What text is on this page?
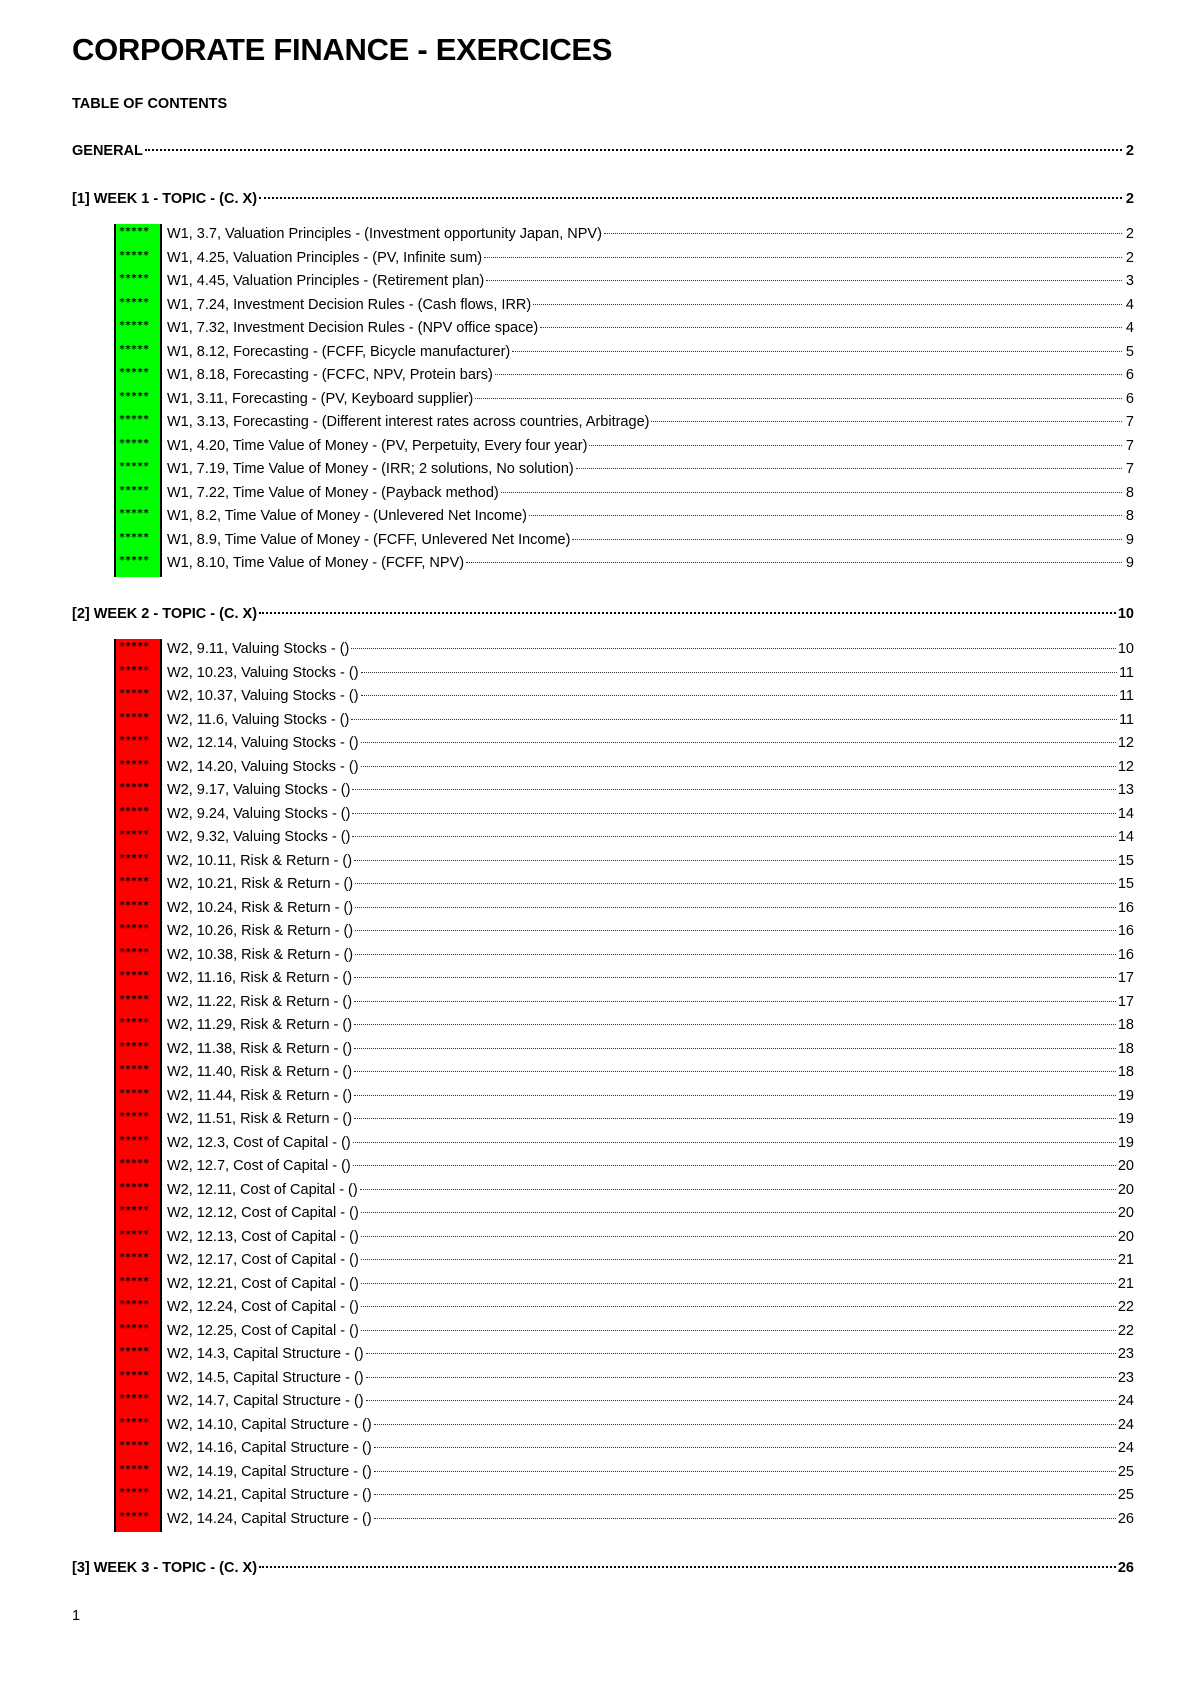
CORPORATE FINANCE - EXERCICES
TABLE OF CONTENTS
GENERAL	2
[1] WEEK 1 - TOPIC - (C. X)	2
*****	W1, 3.7, Valuation Principles - (Investment opportunity Japan, NPV)	2
*****	W1, 4.25, Valuation Principles - (PV, Infinite sum)	2
*****	W1, 4.45, Valuation Principles - (Retirement plan)	3
*****	W1, 7.24, Investment Decision Rules - (Cash flows, IRR)	4
*****	W1, 7.32, Investment Decision Rules - (NPV office space)	4
*****	W1, 8.12, Forecasting - (FCFF, Bicycle manufacturer)	5
*****	W1, 8.18, Forecasting - (FCFC, NPV, Protein bars)	6
*****	W1, 3.11, Forecasting - (PV, Keyboard supplier)	6
*****	W1, 3.13, Forecasting - (Different interest rates across countries, Arbitrage)	7
*****	W1, 4.20, Time Value of Money - (PV, Perpetuity, Every four year)	7
*****	W1, 7.19, Time Value of Money - (IRR; 2 solutions, No solution)	7
*****	W1, 7.22, Time Value of Money - (Payback method)	8
*****	W1, 8.2, Time Value of Money - (Unlevered Net Income)	8
*****	W1, 8.9, Time Value of Money - (FCFF, Unlevered Net Income)	9
*****	W1, 8.10, Time Value of Money - (FCFF, NPV)	9
[2] WEEK 2 - TOPIC - (C. X)	10
*****	W2, 9.11, Valuing Stocks - ()	10
*****	W2, 10.23, Valuing Stocks - ()	11
*****	W2, 10.37, Valuing Stocks - ()	11
*****	W2, 11.6, Valuing Stocks - ()	11
*****	W2, 12.14, Valuing Stocks - ()	12
*****	W2, 14.20, Valuing Stocks - ()	12
*****	W2, 9.17, Valuing Stocks - ()	13
*****	W2, 9.24, Valuing Stocks - ()	14
*****	W2, 9.32, Valuing Stocks - ()	14
*****	W2, 10.11, Risk & Return - ()	15
*****	W2, 10.21, Risk & Return - ()	15
*****	W2, 10.24, Risk & Return - ()	16
*****	W2, 10.26, Risk & Return - ()	16
*****	W2, 10.38, Risk & Return - ()	16
*****	W2, 11.16, Risk & Return - ()	17
*****	W2, 11.22, Risk & Return - ()	17
*****	W2, 11.29, Risk & Return - ()	18
*****	W2, 11.38, Risk & Return - ()	18
*****	W2, 11.40, Risk & Return - ()	18
*****	W2, 11.44, Risk & Return - ()	19
*****	W2, 11.51, Risk & Return - ()	19
*****	W2, 12.3, Cost of Capital - ()	19
*****	W2, 12.7, Cost of Capital - ()	20
*****	W2, 12.11, Cost of Capital - ()	20
*****	W2, 12.12, Cost of Capital - ()	20
*****	W2, 12.13, Cost of Capital - ()	20
*****	W2, 12.17, Cost of Capital - ()	21
*****	W2, 12.21, Cost of Capital - ()	21
*****	W2, 12.24, Cost of Capital - ()	22
*****	W2, 12.25, Cost of Capital - ()	22
*****	W2, 14.3, Capital Structure - ()	23
*****	W2, 14.5, Capital Structure - ()	23
*****	W2, 14.7, Capital Structure - ()	24
*****	W2, 14.10, Capital Structure - ()	24
*****	W2, 14.16, Capital Structure - ()	24
*****	W2, 14.19, Capital Structure - ()	25
*****	W2, 14.21, Capital Structure - ()	25
*****	W2, 14.24, Capital Structure - ()	26
[3] WEEK 3 - TOPIC - (C. X)	26
1
